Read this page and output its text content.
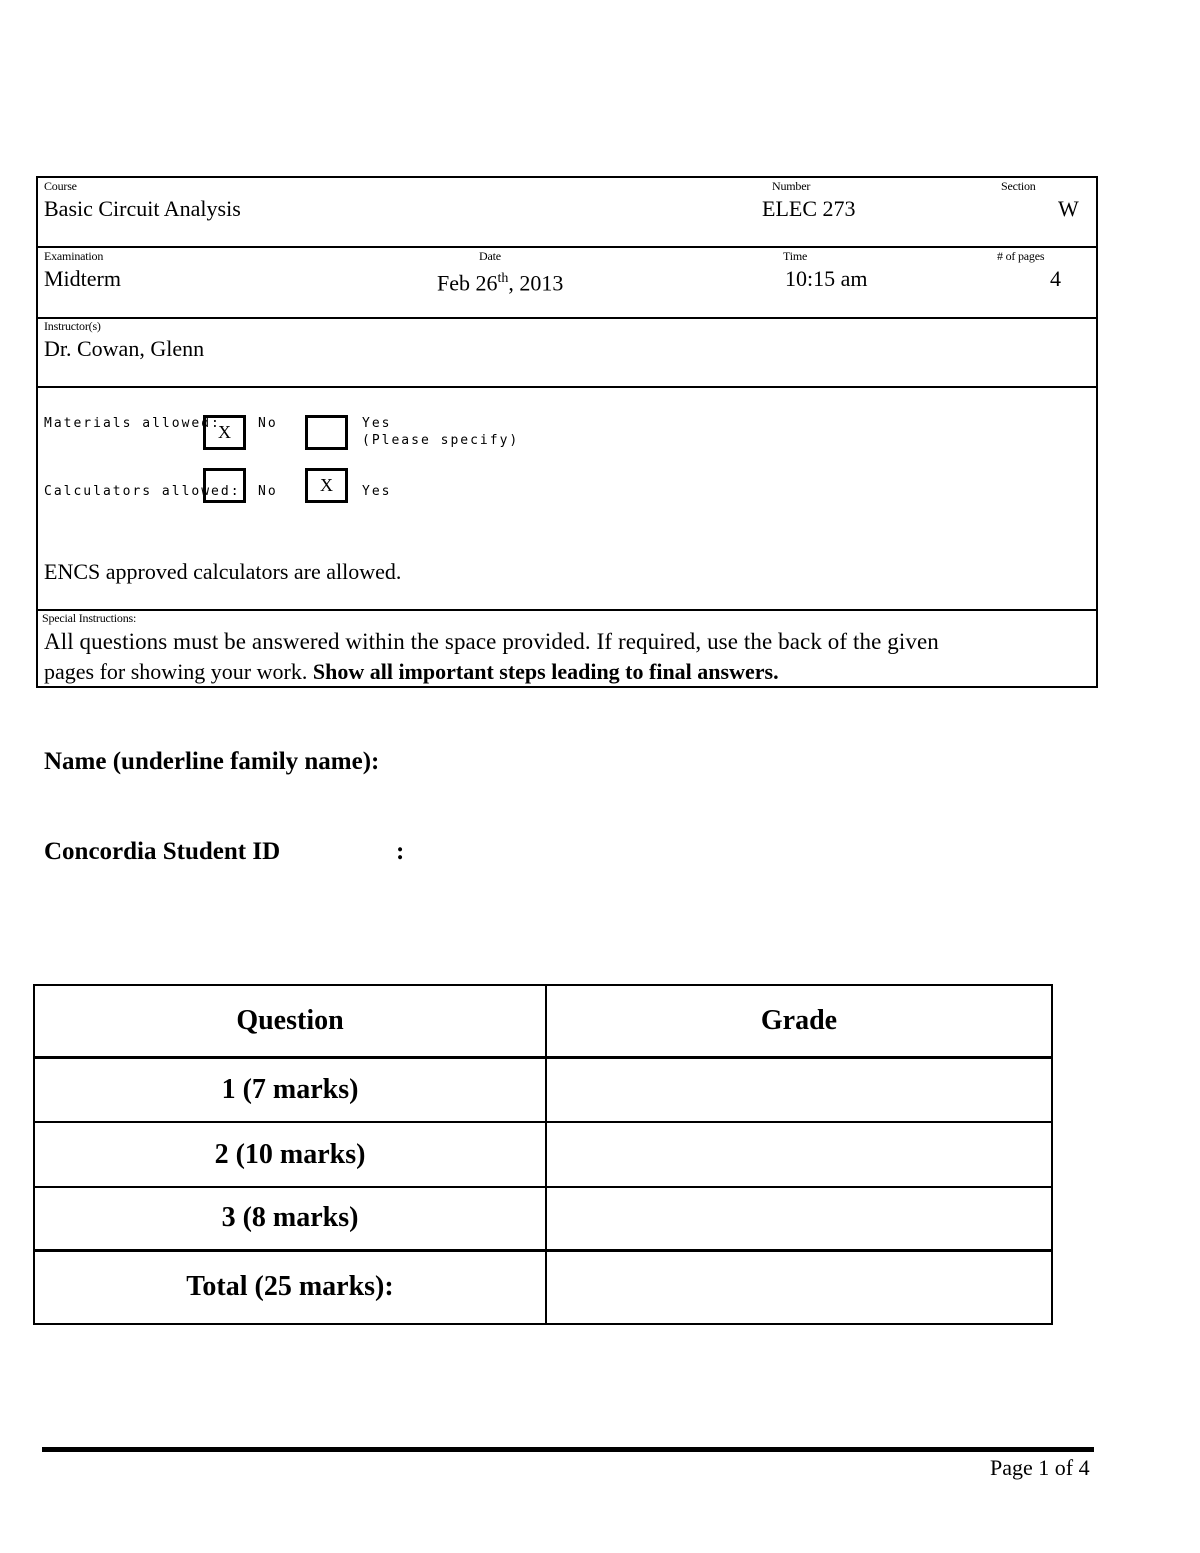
Course
Basic Circuit Analysis
Number
ELEC 273
Section
W
Examination
Midterm
Date
Feb 26th, 2013
Time
10:15 am
# of pages
4
Instructor(s)
Dr. Cowan, Glenn
Materials allowed:
X	No	Yes
(Please specify)
Calculators allowed: No	X	Yes
ENCS approved calculators are allowed.
Special Instructions:
All questions must be answered within the space provided. If required, use the back of the given
pages for showing your work. Show all important steps leading to final answers.
Name (underline family name):
Concordia Student ID	:
Question	Grade
1 (7 marks)	
2 (10 marks)	
3 (8 marks)	
Total (25 marks):	
Page 1 of 4
